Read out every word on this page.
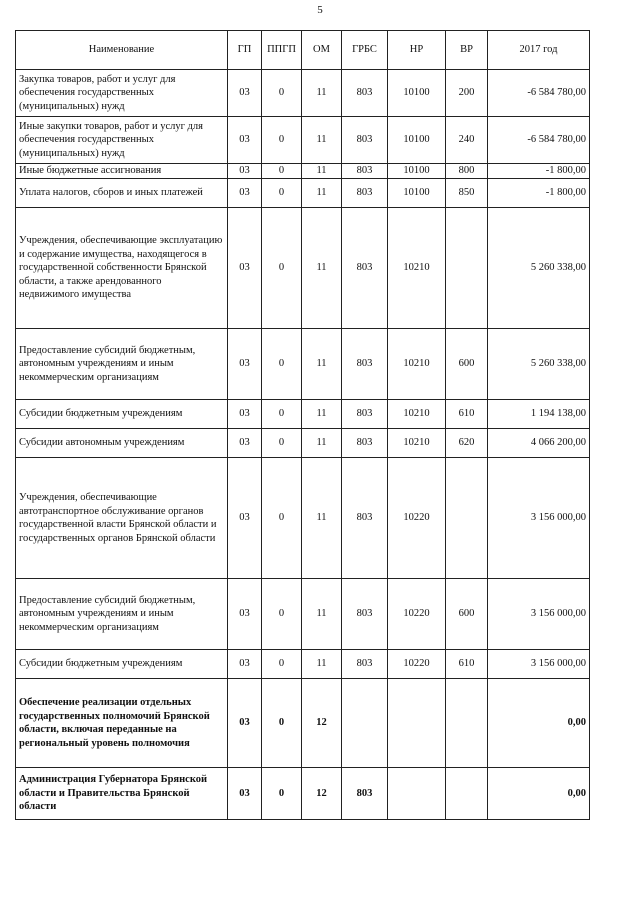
5
Наименование	ГП	ППГП	ОМ	ГРБС	НР	ВР	2017 год
Закупка товаров, работ и услуг для обеспечения государственных (муниципальных) нужд	03	0	11	803	10100	200	-6 584 780,00
Иные закупки товаров, работ и услуг для обеспечения государственных (муниципальных) нужд	03	0	11	803	10100	240	-6 584 780,00
Иные бюджетные ассигнования	03	0	11	803	10100	800	-1 800,00
Уплата налогов, сборов и иных платежей	03	0	11	803	10100	850	-1 800,00
Учреждения, обеспечивающие эксплуатацию и содержание имущества, находящегося в государственной собственности Брянской области, а также арендованного недвижимого имущества	03	0	11	803	10210		5 260 338,00
Предоставление субсидий бюджетным, автономным учреждениям и иным некоммерческим организациям	03	0	11	803	10210	600	5 260 338,00
Субсидии бюджетным учреждениям	03	0	11	803	10210	610	1 194 138,00
Субсидии автономным учреждениям	03	0	11	803	10210	620	4 066 200,00
Учреждения, обеспечивающие автотранспортное обслуживание органов государственной власти Брянской области и государственных органов Брянской области	03	0	11	803	10220		3 156 000,00
Предоставление субсидий бюджетным, автономным учреждениям и иным некоммерческим организациям	03	0	11	803	10220	600	3 156 000,00
Субсидии бюджетным учреждениям	03	0	11	803	10220	610	3 156 000,00
Обеспечение реализации отдельных государственных полномочий Брянской области, включая переданные на региональный уровень полномочия	03	0	12				0,00
Администрация Губернатора Брянской области и Правительства Брянской области	03	0	12	803			0,00
